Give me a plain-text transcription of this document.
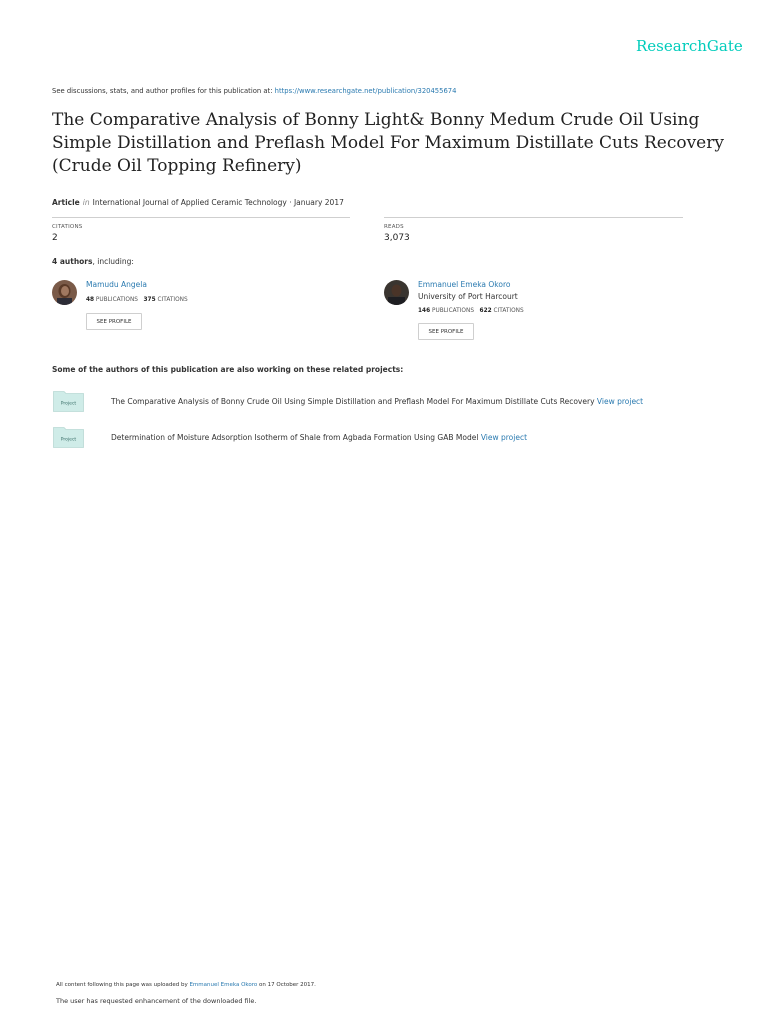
ResearchGate
See discussions, stats, and author profiles for this publication at: https://www.researchgate.net/publication/320455674
The Comparative Analysis of Bonny Light& Bonny Medum Crude Oil Using Simple Distillation and Preflash Model For Maximum Distillate Cuts Recovery (Crude Oil Topping Refinery)
Article in International Journal of Applied Ceramic Technology · January 2017
CITATIONS
2
READS
3,073
4 authors, including:
Mamudu Angela
48 PUBLICATIONS 375 CITATIONS
SEE PROFILE
Emmanuel Emeka Okoro
University of Port Harcourt
146 PUBLICATIONS 622 CITATIONS
SEE PROFILE
Some of the authors of this publication are also working on these related projects:
Project	The Comparative Analysis of Bonny Crude Oil Using Simple Distillation and Preflash Model For Maximum Distillate Cuts Recovery View project
Project	Determination of Moisture Adsorption Isotherm of Shale from Agbada Formation Using GAB Model View project
All content following this page was uploaded by Emmanuel Emeka Okoro on 17 October 2017.
The user has requested enhancement of the downloaded file.
